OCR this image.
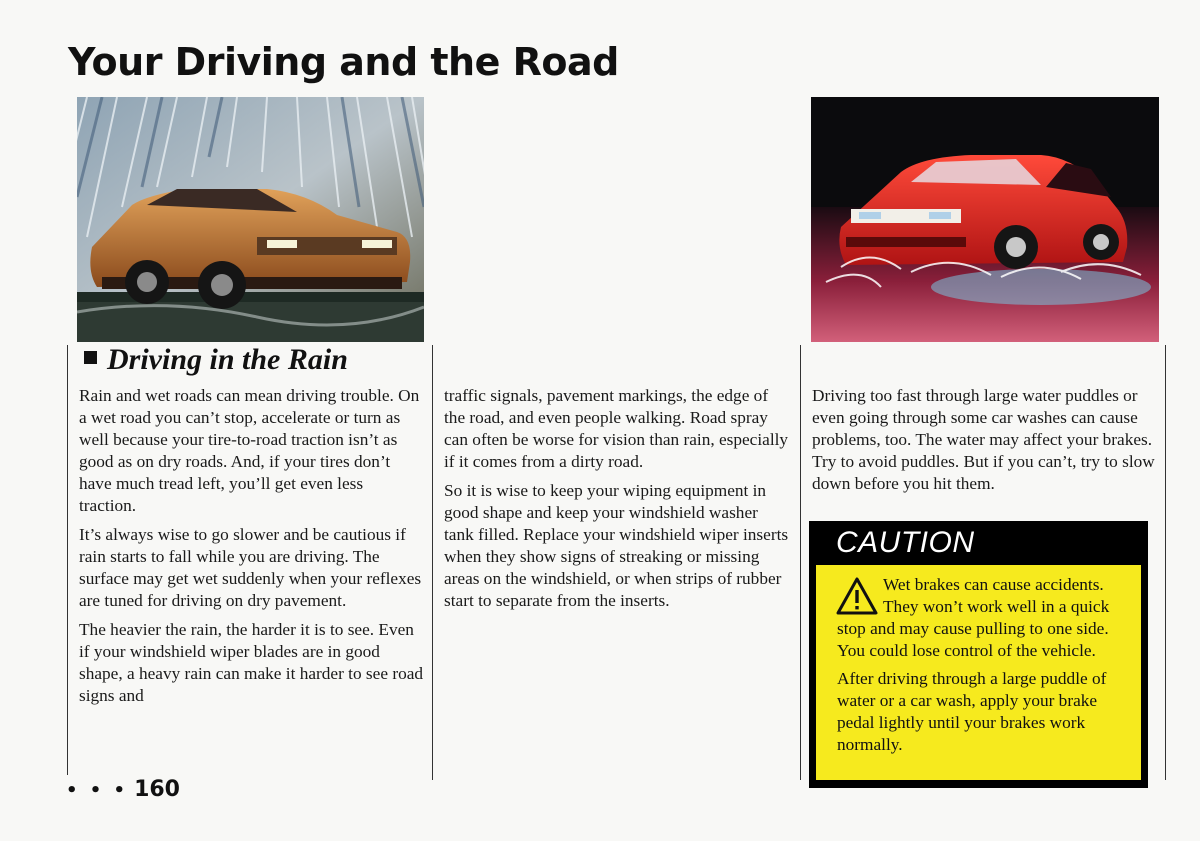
Your Driving and the Road
Driving in the Rain

Rain and wet roads can mean driving trouble. On a wet road you can’t stop, accelerate or turn as well because your tire-to-road traction isn’t as good as on dry roads. And, if your tires don’t have much tread left, you’ll get even less traction.

It’s always wise to go slower and be cautious if rain starts to fall while you are driving. The surface may get wet suddenly when your reflexes are tuned for driving on dry pavement.

The heavier the rain, the harder it is to see. Even if your windshield wiper blades are in good shape, a heavy rain can make it harder to see road signs and

traffic signals, pavement markings, the edge of the road, and even people walking. Road spray can often be worse for vision than rain, especially if it comes from a dirty road.

So it is wise to keep your wiping equipment in good shape and keep your windshield washer tank filled. Replace your windshield wiper inserts when they show signs of streaking or missing areas on the windshield, or when strips of rubber start to separate from the inserts.

Driving too fast through large water puddles or even going through some car washes can cause problems, too. The water may affect your brakes. Try to avoid puddles. But if you can’t, try to slow down before you hit them.

CAUTION

Wet brakes can cause accidents. They won’t work well in a quick stop and may cause pulling to one side. You could lose control of the vehicle.

After driving through a large puddle of water or a car wash, apply your brake pedal lightly until your brakes work normally.

• • • 160
